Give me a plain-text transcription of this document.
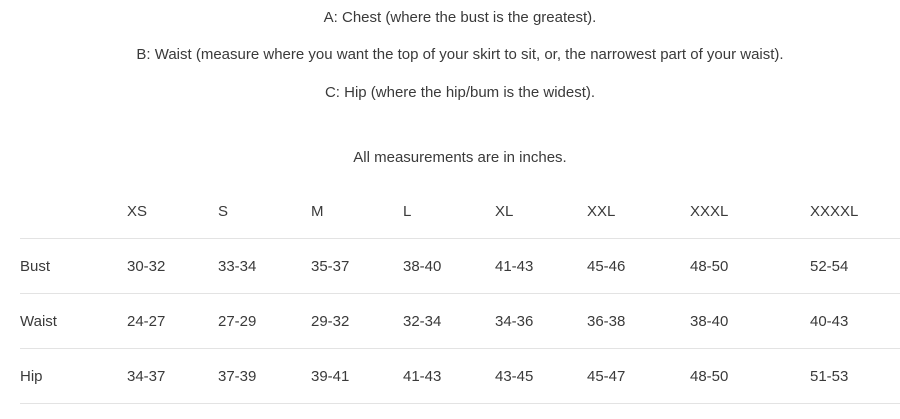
A: Chest (where the bust is the greatest).
B: Waist (measure where you want the top of your skirt to sit, or, the narrowest part of your waist).
C: Hip (where the hip/bum is the widest).
All measurements are in inches.
	XS	S	M	L	XL	XXL	XXXL	XXXXL
Bust	30-32	33-34	35-37	38-40	41-43	45-46	48-50	52-54
Waist	24-27	27-29	29-32	32-34	34-36	36-38	38-40	40-43
Hip	34-37	37-39	39-41	41-43	43-45	45-47	48-50	51-53
